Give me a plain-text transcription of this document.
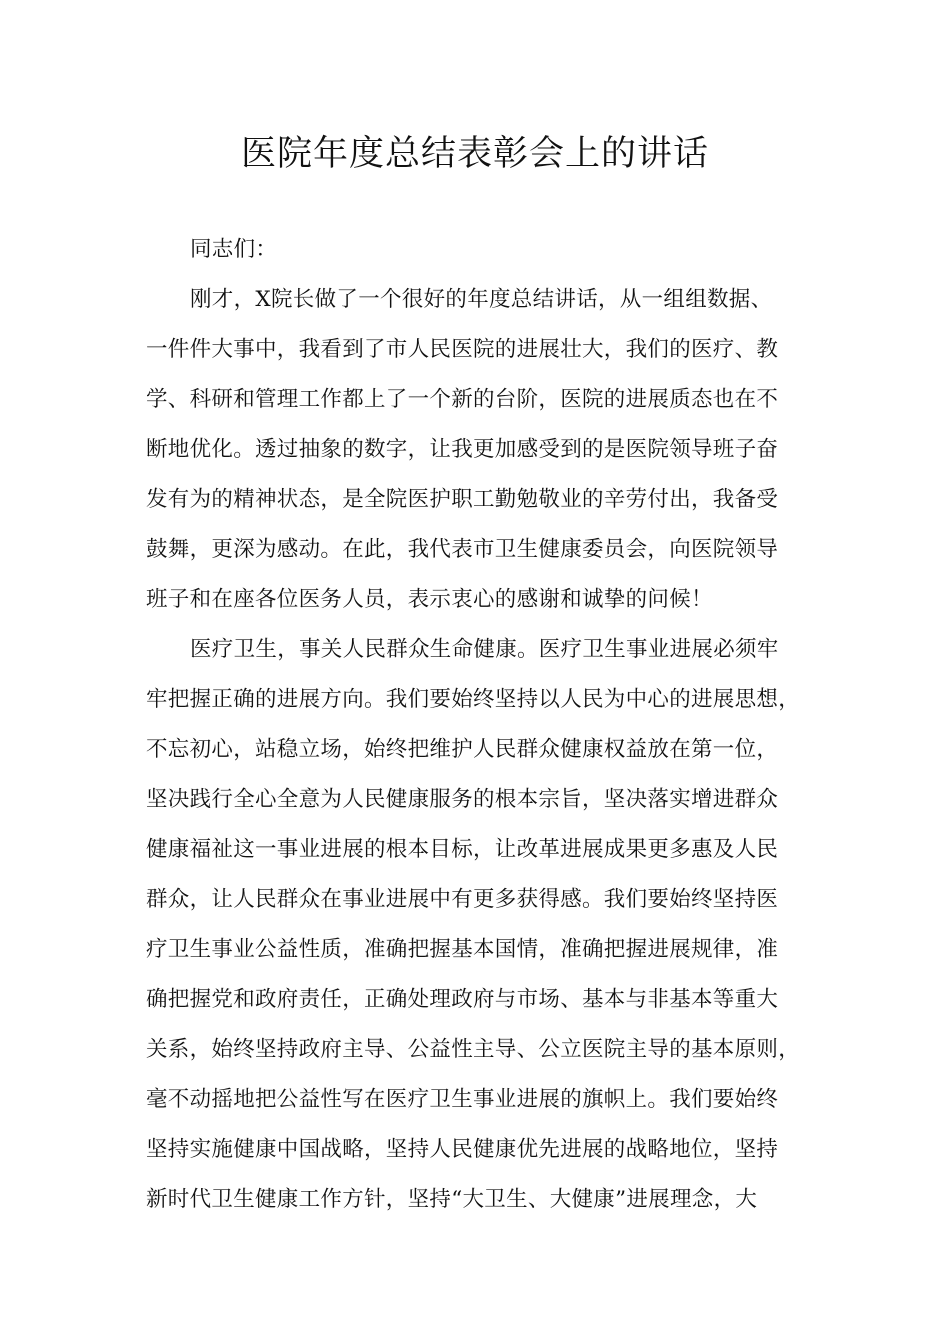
医院年度总结表彰会上的讲话
同志们：
刚才，X院长做了一个很好的年度总结讲话，从一组组数据、
一件件大事中，我看到了市人民医院的进展壮大，我们的医疗、教
学、科研和管理工作都上了一个新的台阶，医院的进展质态也在不
断地优化。透过抽象的数字，让我更加感受到的是医院领导班子奋
发有为的精神状态，是全院医护职工勤勉敬业的辛劳付出，我备受
鼓舞，更深为感动。在此，我代表市卫生健康委员会，向医院领导
班子和在座各位医务人员，表示衷心的感谢和诚挚的问候！
医疗卫生，事关人民群众生命健康。医疗卫生事业进展必须牢
牢把握正确的进展方向。我们要始终坚持以人民为中心的进展思想，
不忘初心，站稳立场，始终把维护人民群众健康权益放在第一位，
坚决践行全心全意为人民健康服务的根本宗旨，坚决落实增进群众
健康福祉这一事业进展的根本目标，让改革进展成果更多惠及人民
群众，让人民群众在事业进展中有更多获得感。我们要始终坚持医
疗卫生事业公益性质，准确把握基本国情，准确把握进展规律，准
确把握党和政府责任，正确处理政府与市场、基本与非基本等重大
关系，始终坚持政府主导、公益性主导、公立医院主导的基本原则，
毫不动摇地把公益性写在医疗卫生事业进展的旗帜上。我们要始终
坚持实施健康中国战略，坚持人民健康优先进展的战略地位，坚持
新时代卫生健康工作方针，坚持“大卫生、大健康”进展理念，大
